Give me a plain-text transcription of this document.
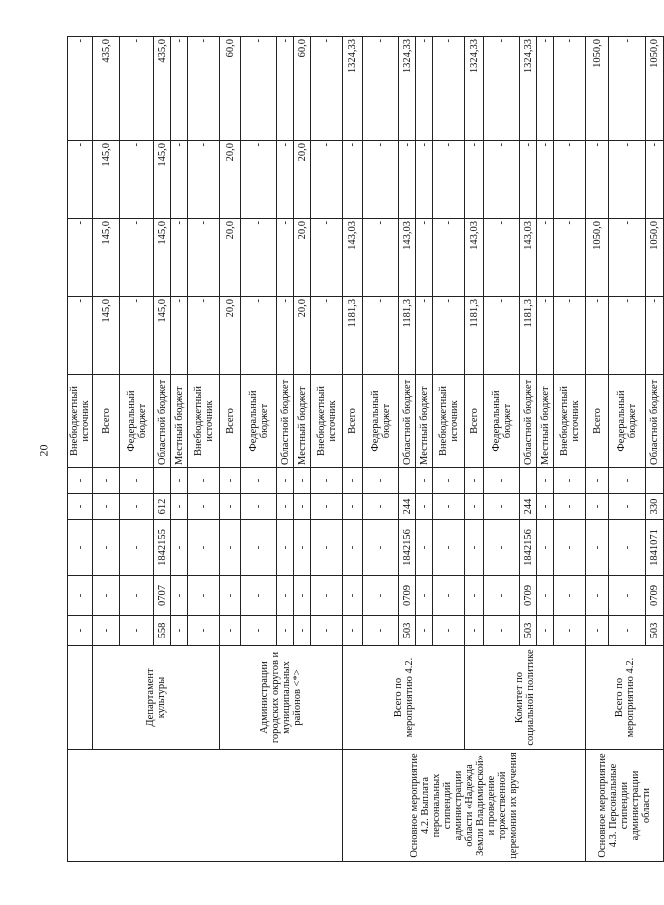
20
		-	-	-	-	-	Внебюджетный источник	-	-	-	-
	Департамент культуры	-	-	-	-	-	Всего	145,0	145,0	145,0	435,0
		-	-	-	-	-	Федеральный бюджет	-	-	-	-
		558	0707	1842155	612		Областной бюджет	145,0	145,0	145,0	435,0
		-	-	-	-	-	Местный бюджет	-	-	-	-
		-	-	-	-	-	Внебюджетный источник	-	-	-	-
	Администрации городских округов и муниципальных районов <*>	-	-	-	-	-	Всего	20,0	20,0	20,0	60,0
		-	-	-	-	-	Федеральный бюджет	-	-	-	-
		-	-	-	-	-	Областной бюджет	-	-	-	-
		-	-	-	-	-	Местный бюджет	20,0	20,0	20,0	60,0
		-	-	-	-	-	Внебюджетный источник	-	-	-	-
Основное мероприятие 4.2. Выплата персональных стипендий администрации области «Надежда Земли Владимирской» и проведение торжественной церемонии их вручения	Всего по мероприятию 4.2.	-	-	-	-	-	Всего	1181,3	143,03	-	1324,33
		-	-	-	-	-	Федеральный бюджет	-	-	-	-
		503	0709	1842156	244		Областной бюджет	1181,3	143,03	-	1324,33
		-	-	-	-	-	Местный бюджет	-	-	-	-
		-	-	-	-	-	Внебюджетный источник	-	-	-	-
	Комитет по социальной политике	-	-	-	-	-	Всего	1181,3	143,03	-	1324,33
		-	-	-	-	-	Федеральный бюджет	-	-	-	-
		503	0709	1842156	244		Областной бюджет	1181,3	143,03	-	1324,33
		-	-	-	-	-	Местный бюджет	-	-	-	-
		-	-	-	-	-	Внебюджетный источник	-	-	-	-
Основное мероприятие 4.3. Персональные стипендии администрации области	Всего по мероприятию 4.2.	-	-	-	-	-	Всего	-	1050,0	-	1050,0
		-	-	-	-	-	Федеральный бюджет	-	-	-	-
		503	0709	1841071	330		Областной бюджет	-	1050,0	-	1050,0
